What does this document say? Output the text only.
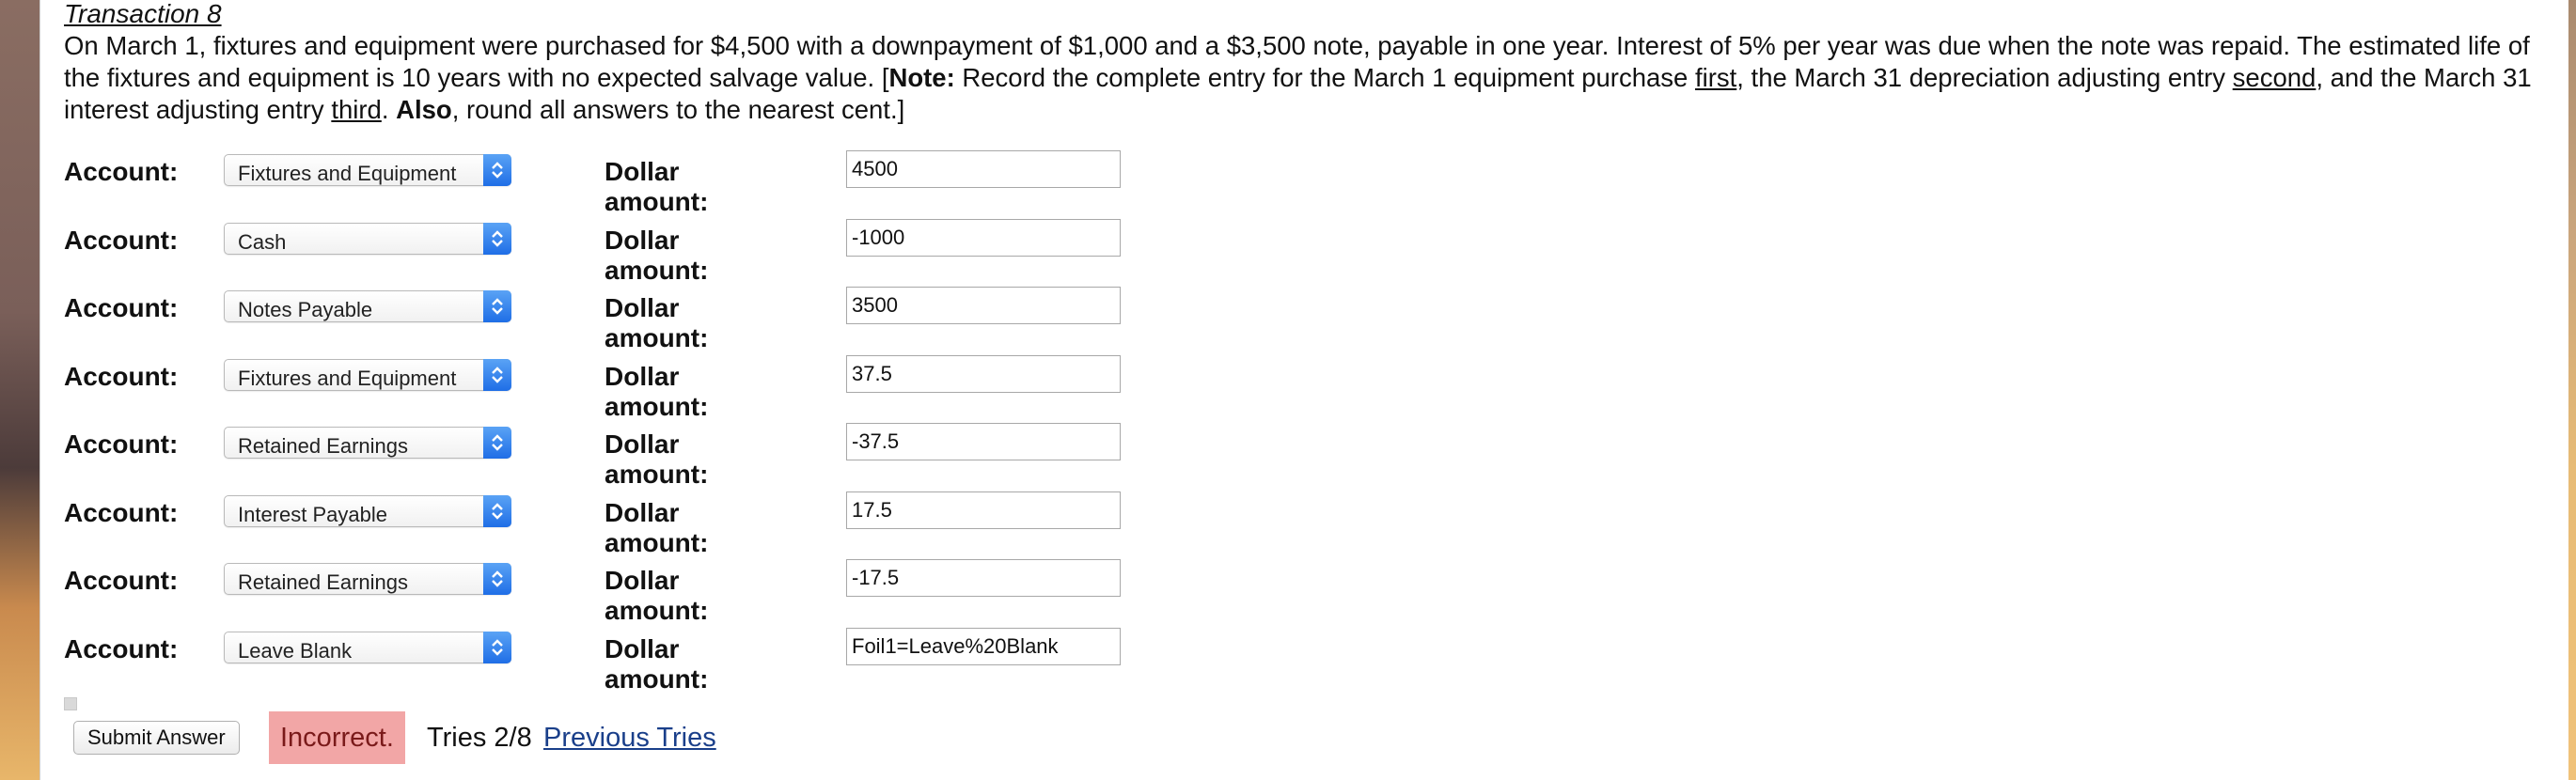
Transaction 8
On March 1, fixtures and equipment were purchased for $4,500 with a downpayment of $1,000 and a $3,500 note, payable in one year. Interest of 5% per year was due when the note was repaid. The estimated life of the fixtures and equipment is 10 years with no expected salvage value. [Note: Record the complete entry for the March 1 equipment purchase first, the March 31 depreciation adjusting entry second, and the March 31 interest adjusting entry third. Also, round all answers to the nearest cent.]
Account:	Fixtures and Equipment	Dollar amount:
4500
Account:	Cash	Dollar amount:
-1000
Account:	Notes Payable	Dollar amount:
3500
Account:	Fixtures and Equipment	Dollar amount:
37.5
Account:	Retained Earnings	Dollar amount:
-37.5
Account:	Interest Payable	Dollar amount:
17.5
Account:	Retained Earnings	Dollar amount:
-17.5
Account:	Leave Blank	Dollar amount:
Foil1=Leave%20Blank
Submit Answer	Incorrect.	Tries 2/8 Previous Tries
